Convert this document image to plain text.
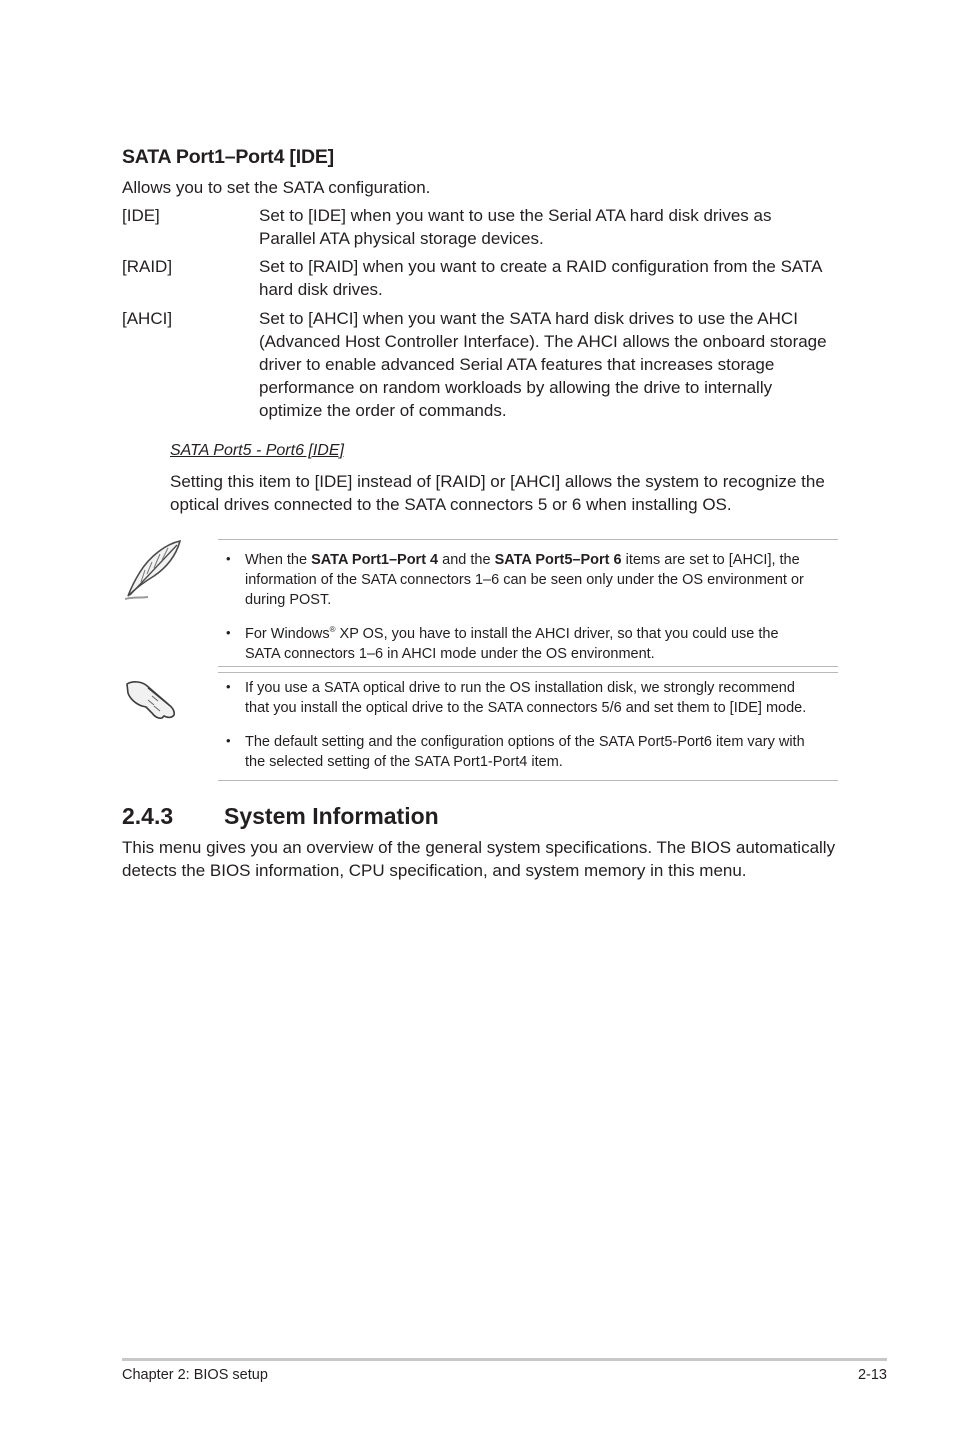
SATA Port1–Port4 [IDE]
Allows you to set the SATA configuration.
[IDE]	Set to [IDE] when you want to use the Serial ATA hard disk drives as
Parallel ATA physical storage devices.
[RAID]	Set to [RAID] when you want to create a RAID configuration from the SATA
hard disk drives.
[AHCI]	Set to [AHCI] when you want the SATA hard disk drives to use the AHCI
(Advanced Host Controller Interface). The AHCI allows the onboard storage
driver to enable advanced Serial ATA features that increases storage
performance on random workloads by allowing the drive to internally
optimize the order of commands.
SATA Port5 - Port6 [IDE]
Setting this item to [IDE] instead of [RAID] or [AHCI] allows the system to recognize the
optical drives connected to the SATA connectors 5 or 6 when installing OS.
• When the SATA Port1–Port 4 and the SATA Port5–Port 6 items are set to [AHCI], the
information of the SATA connectors 1–6 can be seen only under the OS environment or
during POST.
• For Windows® XP OS, you have to install the AHCI driver, so that you could use the
SATA connectors 1–6 in AHCI mode under the OS environment.
• If you use a SATA optical drive to run the OS installation disk, we strongly recommend
that you install the optical drive to the SATA connectors 5/6 and set them to [IDE] mode.
• The default setting and the configuration options of the SATA Port5-Port6 item vary with
the selected setting of the SATA Port1-Port4 item.
2.4.3 System Information
This menu gives you an overview of the general system specifications. The BIOS automatically
detects the BIOS information, CPU specification, and system memory in this menu.
Chapter 2: BIOS setup	2-13
